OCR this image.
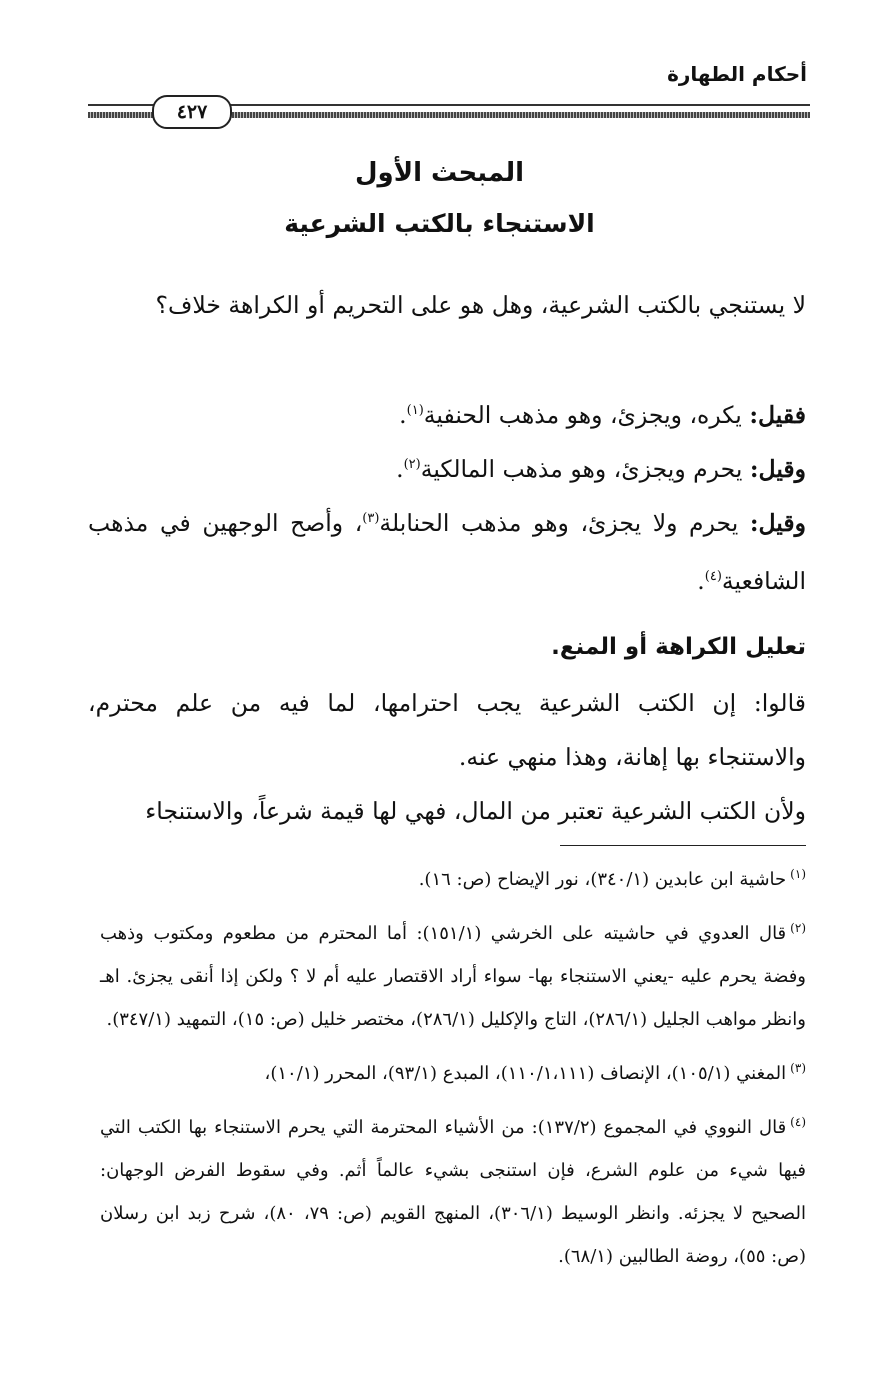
أحكام الطهارة
٤٢٧
المبحث الأول
الاستنجاء بالكتب الشرعية
لا يستنجي بالكتب الشرعية، وهل هو على التحريم أو الكراهة خلاف؟
فقيل: يكره، ويجزئ، وهو مذهب الحنفية$^{(١)}$.
وقيل: يحرم ويجزئ، وهو مذهب المالكية$^{(٢)}$.
وقيل: يحرم ولا يجزئ، وهو مذهب الحنابلة$^{(٣)}$، وأصح الوجهين في مذهب الشافعية$^{(٤)}$.
تعليل الكراهة أو المنع.
قالوا: إن الكتب الشرعية يجب احترامها، لما فيه من علم محترم، والاستنجاء بها إهانة، وهذا منهي عنه.
ولأن الكتب الشرعية تعتبر من المال، فهي لها قيمة شرعاً، والاستنجاء
$^{(١)}$حاشية ابن عابدين (٣٤٠/١)، نور الإيضاح (ص: ١٦).
$^{(٢)}$قال العدوي في حاشيته على الخرشي (١٥١/١): أما المحترم من مطعوم ومكتوب وذهب وفضة يحرم عليه -يعني الاستنجاء بها- سواء أراد الاقتصار عليه أم لا ؟ ولكن إذا أنقى يجزئ. اهـ وانظر مواهب الجليل (٢٨٦/١)، التاج والإكليل (٢٨٦/١)، مختصر خليل (ص: ١٥)، التمهيد (٣٤٧/١).
$^{(٣)}$المغني (١٠٥/١)، الإنصاف (١١٠/١،١١١)، المبدع (٩٣/١)، المحرر (١٠/١)،
$^{(٤)}$قال النووي في المجموع (١٣٧/٢): من الأشياء المحترمة التي يحرم الاستنجاء بها الكتب التي فيها شيء من علوم الشرع، فإن استنجى بشيء عالماً أثم. وفي سقوط الفرض الوجهان: الصحيح لا يجزئه. وانظر الوسيط (٣٠٦/١)، المنهج القويم (ص: ٧٩، ٨٠)، شرح زبد ابن رسلان (ص: ٥٥)، روضة الطالبين (٦٨/١).
